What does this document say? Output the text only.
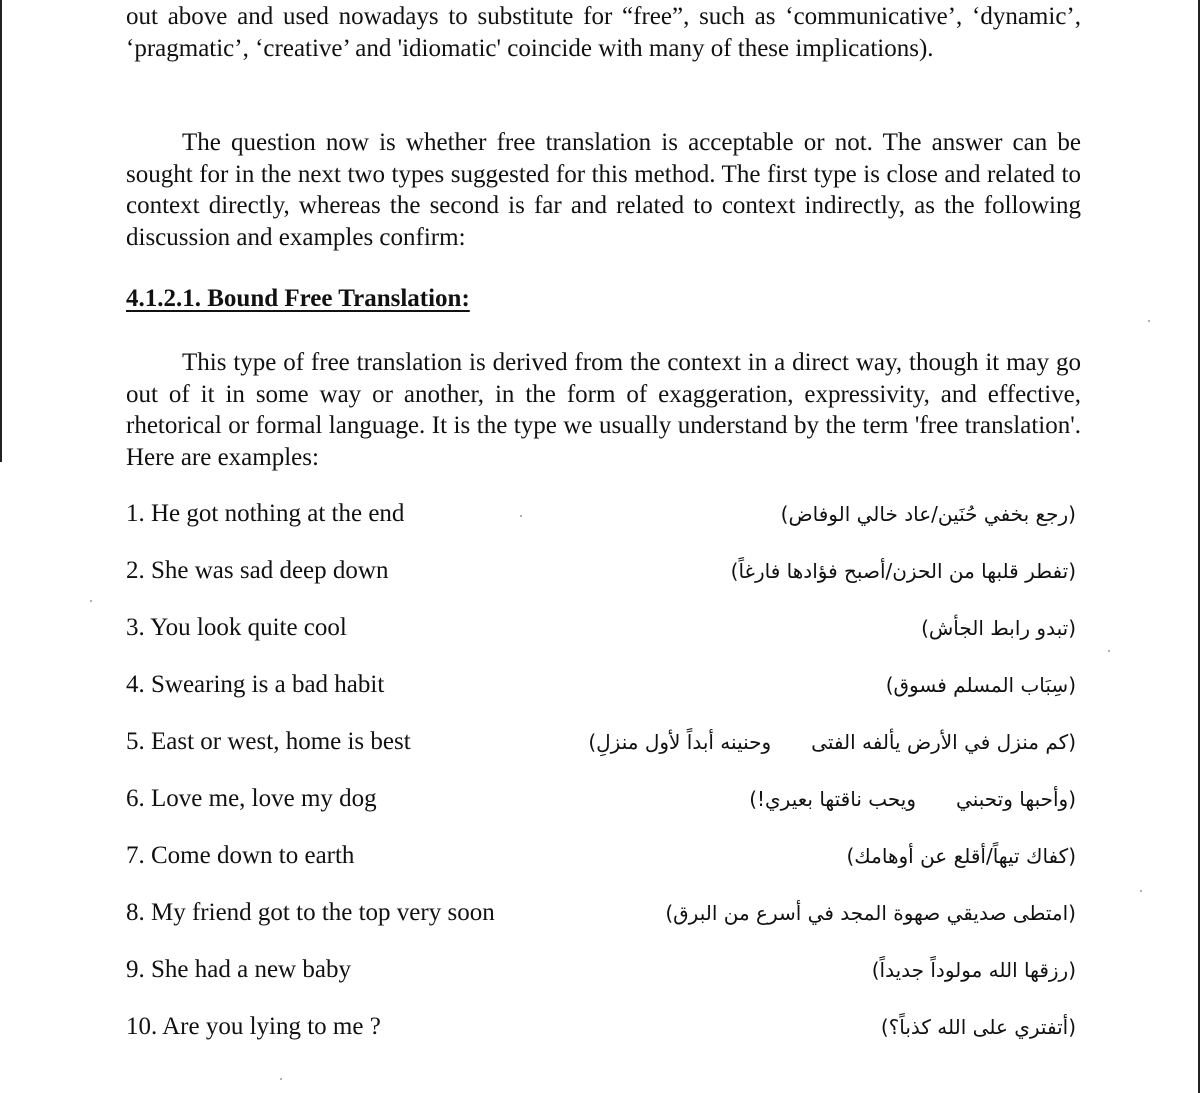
out above and used nowadays to substitute for “free”, such as ‘communicative’, ‘dynamic’, ‘pragmatic’, ‘creative’ and 'idiomatic' coincide with many of these implications).

The question now is whether free translation is acceptable or not. The answer can be sought for in the next two types suggested for this method. The first type is close and related to context directly, whereas the second is far and related to context indirectly, as the following discussion and examples confirm:

4.1.2.1. Bound Free Translation:

This type of free translation is derived from the context in a direct way, though it may go out of it in some way or another, in the form of exaggeration, expressivity, and effective, rhetorical or formal language. It is the type we usually understand by the term 'free translation'. Here are examples:

1. He got nothing at the end	(رجع بخفي حُنَين/عاد خالي الوفاض)
2. She was sad deep down	(تفطر قلبها من الحزن/أصبح فؤادها فارغاً)
3. You look quite cool	(تبدو رابط الجأش)
4. Swearing is a bad habit	(سِبَاب المسلم فسوق)
5. East or west, home is best	(كم منزل في الأرض يألفه الفتىوحنينه أبداً لأول منزلِ)
6. Love me, love my dog	(وأحبها وتحبنيويحب ناقتها بعيري!)
7. Come down to earth	(كفاك تيهاً/أقلع عن أوهامك)
8. My friend got to the top very soon	(امتطى صديقي صهوة المجد في أسرع من البرق)
9. She had a new baby	(رزقها الله مولوداً جديداً)
10. Are you lying to me ?	(أتفتري على الله كذباً؟)
